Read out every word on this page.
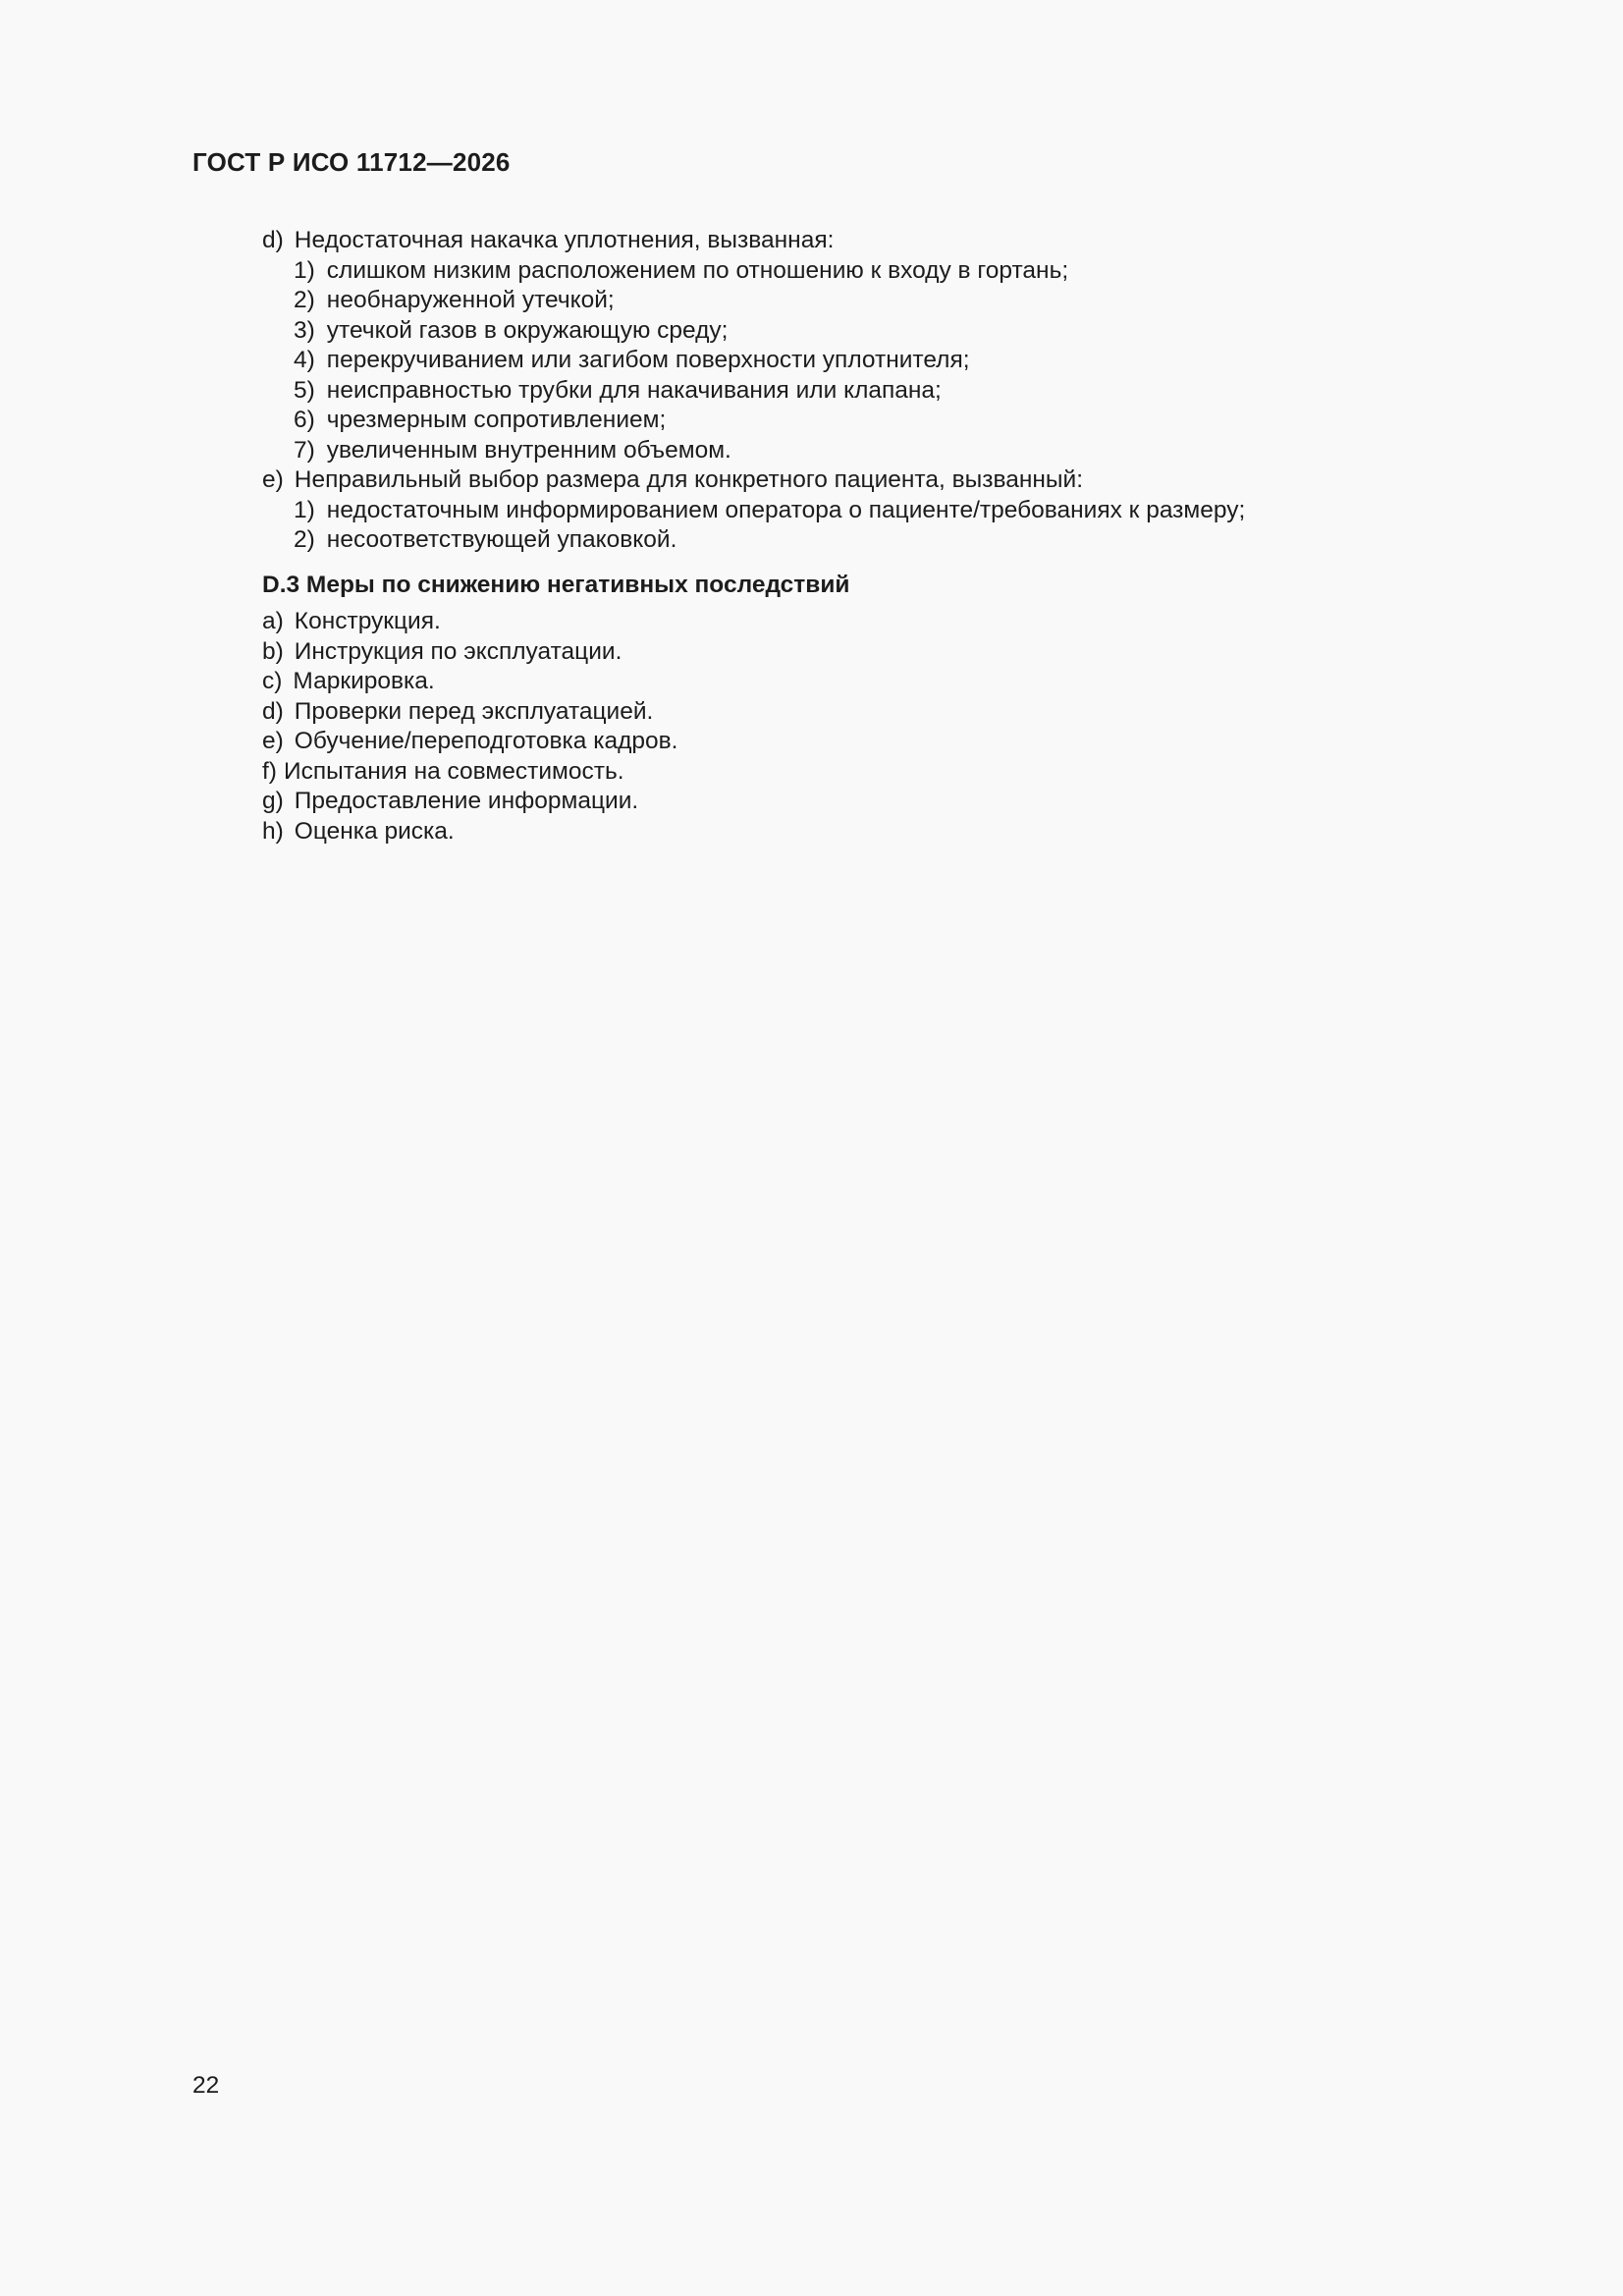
ГОСТ Р ИСО 11712—2026
d) Недостаточная накачка уплотнения, вызванная:
1) слишком низким расположением по отношению к входу в гортань;
2) необнаруженной утечкой;
3) утечкой газов в окружающую среду;
4) перекручиванием или загибом поверхности уплотнителя;
5) неисправностью трубки для накачивания или клапана;
6) чрезмерным сопротивлением;
7) увеличенным внутренним объемом.
e) Неправильный выбор размера для конкретного пациента, вызванный:
1) недостаточным информированием оператора о пациенте/требованиях к размеру;
2) несоответствующей упаковкой.
D.3 Меры по снижению негативных последствий
a) Конструкция.
b) Инструкция по эксплуатации.
c) Маркировка.
d) Проверки перед эксплуатацией.
e) Обучение/переподготовка кадров.
f) Испытания на совместимость.
g) Предоставление информации.
h) Оценка риска.
22
